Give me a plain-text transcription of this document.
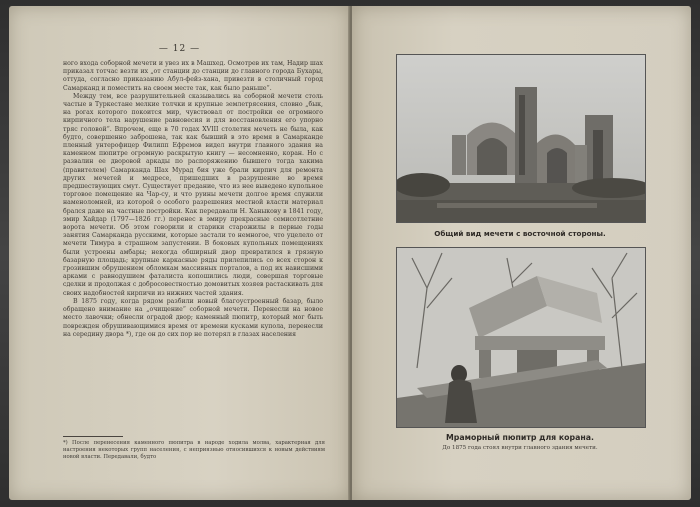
— 12 —

ного входа соборной мечети и увез их в Машхед. Осмотрев их там, Надир шах приказал тотчас везти их „от станции до станции до главного города Бухары, оттуда, согласно приказанию Абул-фейз-хана, привезти в столичный город Самарканд и поместить на своем месте так, как было раньше“.

Между тем, все разрушительней сказывались на соборной мечети столь частые в Туркестане мелкие толчки и крупные землетрясения, словно „бык, на рогах которого покоится мир, чувствовал от постройки ее огромного кирпичного тела нарушение равновесия и для восстановления его упорно тряс головой“. Впрочем, еще в 70 годах XVIII столетия мечеть не была, как будто, совершенно заброшена, так как бывший в это время в Самаркандe пленный унтерофицер Филипп Ефремов видел внутри главного здания на каменном пюпитре огромную раскрытую книгу — несомненно, коран. Но с развалин ее дворовой аркады по распоряжению бывшего тогда хакима (правителем) Самарканда Шах Мурад бия уже брали кирпич для ремонта других мечетей и медресе, пришедших в разрушение во время предшествующих смут. Существует предание, что из нее выведено купольное торговое помещение на Чар-су, и что руины мечети долгое время служили наменоломней, из которой о особого разрешения местной власти материал брался даже на частные постройки. Как передавали Н. Ханыкову в 1841 году, эмир Хайдар (1797—1826 гг.) перенес в эмиру прекрасные семисотлетние ворота мечети. Об этом говорили и старики старожилы в первые годы занятия Самарканда русскими, которые застали то немногое, что уцелело от мечети Тимура в страшном запустении. В боковых купольных помещениях были устроены амбары; некогда обширный двор превратился в грязную базарную площадь; крупные каркасные ряды прилепились со всех сторон к грозившим обрушением обломкам массивных порталов, а под их нависшими арками с равнодушием фаталиста копошились люди, совершая торговые сделки и продолжая с добросовестностью домовитых хозяев растаскивать для своих надобностей кирпичи из нижних частей здания.

В 1875 году, когда рядом разбили новый благоустроенный базар, было обращено внимание на „очищение“ соборной мечети. Перенесли на новое место лавочки; обнесли оградой двор; каменный пюпитр, который мог быть поврежден обрушивающимися время от времени кусками купола, перенесли на середину двора *), где он до сих пор не потерял в глазах населения

*) После перенесения каменного пюпитра в народе ходила молва, характерная для настроения некоторых групп населения, с неприязнью относившихся к новым действиям новой власти. Передавали, будто

Общий вид мечети с восточной стороны.
Мраморный пюпитр для корана.
До 1875 года стоял внутри главного здания мечети.
